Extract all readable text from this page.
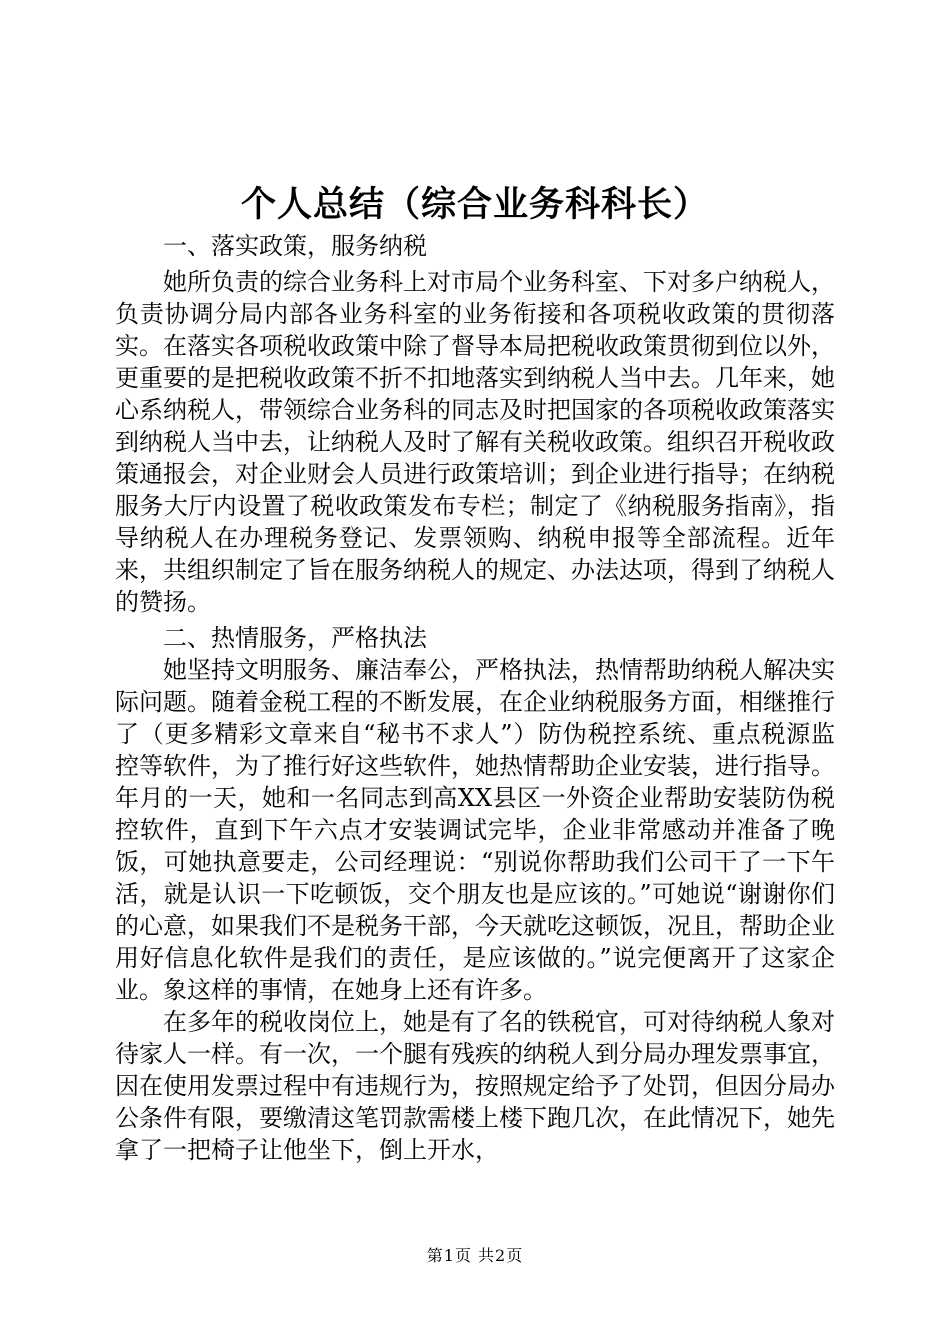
个人总结（综合业务科科长）

一、落实政策，服务纳税

她所负责的综合业务科上对市局个业务科室、下对多户纳税人，负责协调分局内部各业务科室的业务衔接和各项税收政策的贯彻落实。在落实各项税收政策中除了督导本局把税收政策贯彻到位以外，更重要的是把税收政策不折不扣地落实到纳税人当中去。几年来，她心系纳税人，带领综合业务科的同志及时把国家的各项税收政策落实到纳税人当中去，让纳税人及时了解有关税收政策。组织召开税收政策通报会，对企业财会人员进行政策培训；到企业进行指导；在纳税服务大厅内设置了税收政策发布专栏；制定了《纳税服务指南》，指导纳税人在办理税务登记、发票领购、纳税申报等全部流程。近年来，共组织制定了旨在服务纳税人的规定、办法达项，得到了纳税人的赞扬。

二、热情服务，严格执法

她坚持文明服务、廉洁奉公，严格执法，热情帮助纳税人解决实际问题。随着金税工程的不断发展，在企业纳税服务方面，相继推行了（更多精彩文章来自“秘书不求人”）防伪税控系统、重点税源监控等软件，为了推行好这些软件，她热情帮助企业安装，进行指导。年月的一天，她和一名同志到高XX县区一外资企业帮助安装防伪税控软件，直到下午六点才安装调试完毕，企业非常感动并准备了晚饭，可她执意要走，公司经理说：“别说你帮助我们公司干了一下午活，就是认识一下吃顿饭，交个朋友也是应该的。”可她说“谢谢你们的心意，如果我们不是税务干部，今天就吃这顿饭，况且，帮助企业用好信息化软件是我们的责任，是应该做的。”说完便离开了这家企业。象这样的事情，在她身上还有许多。

在多年的税收岗位上，她是有了名的铁税官，可对待纳税人象对待家人一样。有一次，一个腿有残疾的纳税人到分局办理发票事宜，因在使用发票过程中有违规行为，按照规定给予了处罚，但因分局办公条件有限，要缴清这笔罚款需楼上楼下跑几次，在此情况下，她先拿了一把椅子让他坐下，倒上开水，

第1页 共2页
